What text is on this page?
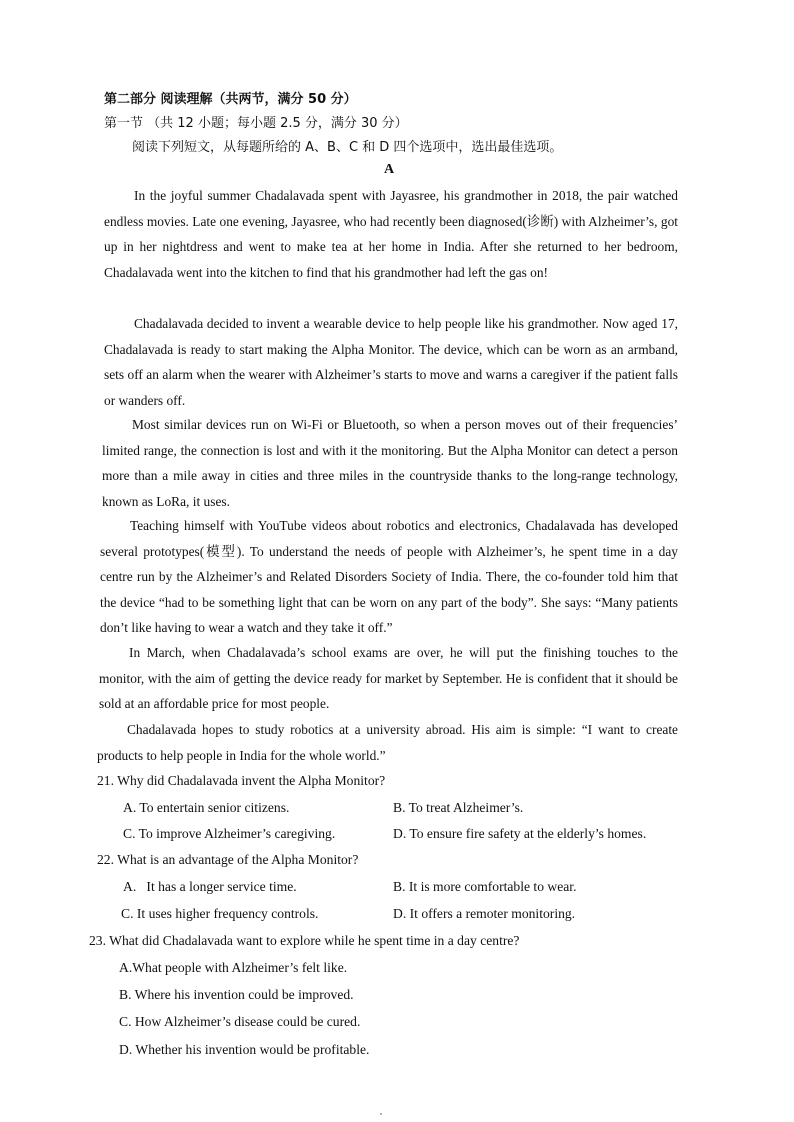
第二部分 阅读理解（共两节，满分 50 分）
第一节 （共 12 小题；每小题 2.5 分，满分 30 分）
阅读下列短文，从每题所给的 A、B、C 和 D 四个选项中，选出最佳选项。
A

In the joyful summer Chadalavada spent with Jayasree, his grandmother in 2018, the pair watched endless movies. Late one evening, Jayasree, who had recently been diagnosed(诊断) with Alzheimer’s, got up in her nightdress and went to make tea at her home in India. After she returned to her bedroom, Chadalavada went into the kitchen to find that his grandmother had left the gas on!

Chadalavada decided to invent a wearable device to help people like his grandmother. Now aged 17, Chadalavada is ready to start making the Alpha Monitor. The device, which can be worn as an armband, sets off an alarm when the wearer with Alzheimer’s starts to move and warns a caregiver if the patient falls or wanders off.

Most similar devices run on Wi-Fi or Bluetooth, so when a person moves out of their frequencies’ limited range, the connection is lost and with it the monitoring. But the Alpha Monitor can detect a person more than a mile away in cities and three miles in the countryside thanks to the long-range technology, known as LoRa, it uses.

Teaching himself with YouTube videos about robotics and electronics, Chadalavada has developed several prototypes(模型). To understand the needs of people with Alzheimer’s, he spent time in a day centre run by the Alzheimer’s and Related Disorders Society of India. There, the co-founder told him that the device “had to be something light that can be worn on any part of the body”. She says: “Many patients don’t like having to wear a watch and they take it off.”

In March, when Chadalavada’s school exams are over, he will put the finishing touches to the monitor, with the aim of getting the device ready for market by September. He is confident that it should be sold at an affordable price for most people.

Chadalavada hopes to study robotics at a university abroad. His aim is simple: “I want to create products to help people in India for the whole world.”

21. Why did Chadalavada invent the Alpha Monitor?
A. To entertain senior citizens.	B. To treat Alzheimer’s.
C. To improve Alzheimer’s caregiving.	D. To ensure fire safety at the elderly’s homes.
22. What is an advantage of the Alpha Monitor?
A.   It has a longer service time.	B. It is more comfortable to wear.
C. It uses higher frequency controls.	D. It offers a remoter monitoring.
23. What did Chadalavada want to explore while he spent time in a day centre?
A.What people with Alzheimer’s felt like.
B. Where his invention could be improved.
C. How Alzheimer’s disease could be cured.
D. Whether his invention would be profitable.
